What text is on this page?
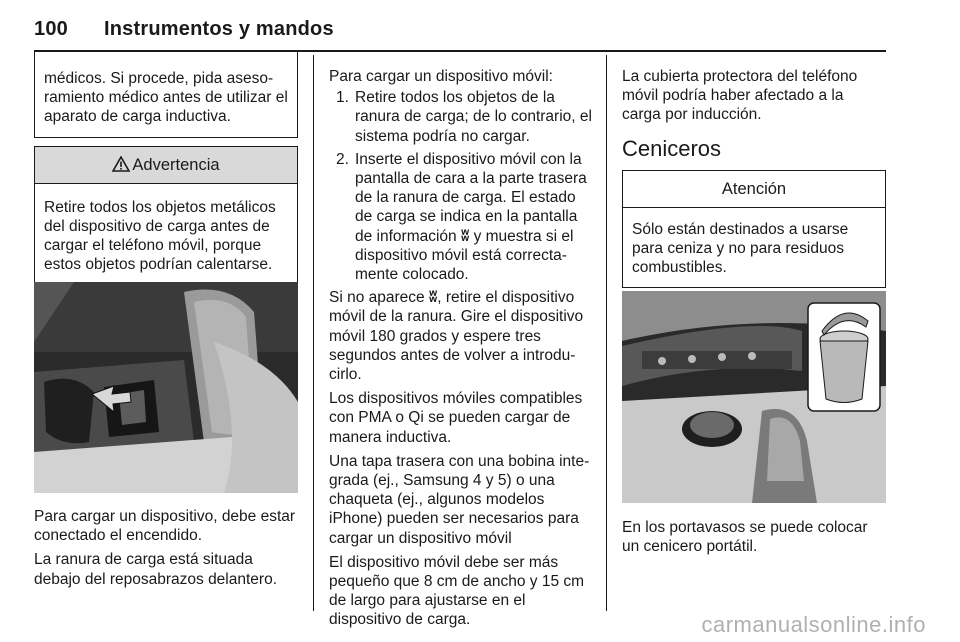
100 Instrumentos y mandos
médicos. Si procede, pida asesoramiento médico antes de utilizar el aparato de carga inductiva.
Advertencia
Retire todos los objetos metálicos del dispositivo de carga antes de cargar el teléfono móvil, porque estos objetos podrían calentarse.

Para cargar un dispositivo, debe estar conectado el encendido.

La ranura de carga está situada debajo del reposabrazos delantero.

Para cargar un dispositivo móvil:

1. Retire todos los objetos de la ranura de carga; de lo contrario, el sistema podría no cargar.
2. Inserte el dispositivo móvil con la pantalla de cara a la parte trasera de la ranura de carga. El estado de carga se indica en la pantalla de información ʬ y muestra si el dispositivo móvil está correctamente colocado.

Si no aparece ʬ, retire el dispositivo móvil de la ranura. Gire el dispositivo móvil 180 grados y espere tres segundos antes de volver a introducirlo.

Los dispositivos móviles compatibles con PMA o Qi se pueden cargar de manera inductiva.

Una tapa trasera con una bobina integrada (ej., Samsung 4 y 5) o una chaqueta (ej., algunos modelos iPhone) pueden ser necesarios para cargar un dispositivo móvil

El dispositivo móvil debe ser más pequeño que 8 cm de ancho y 15 cm de largo para ajustarse en el dispositivo de carga.

La cubierta protectora del teléfono móvil podría haber afectado a la carga por inducción.

Ceniceros
Atención
Sólo están destinados a usarse para ceniza y no para residuos combustibles.

En los portavasos se puede colocar un cenicero portátil.

carmanualsonline.info
